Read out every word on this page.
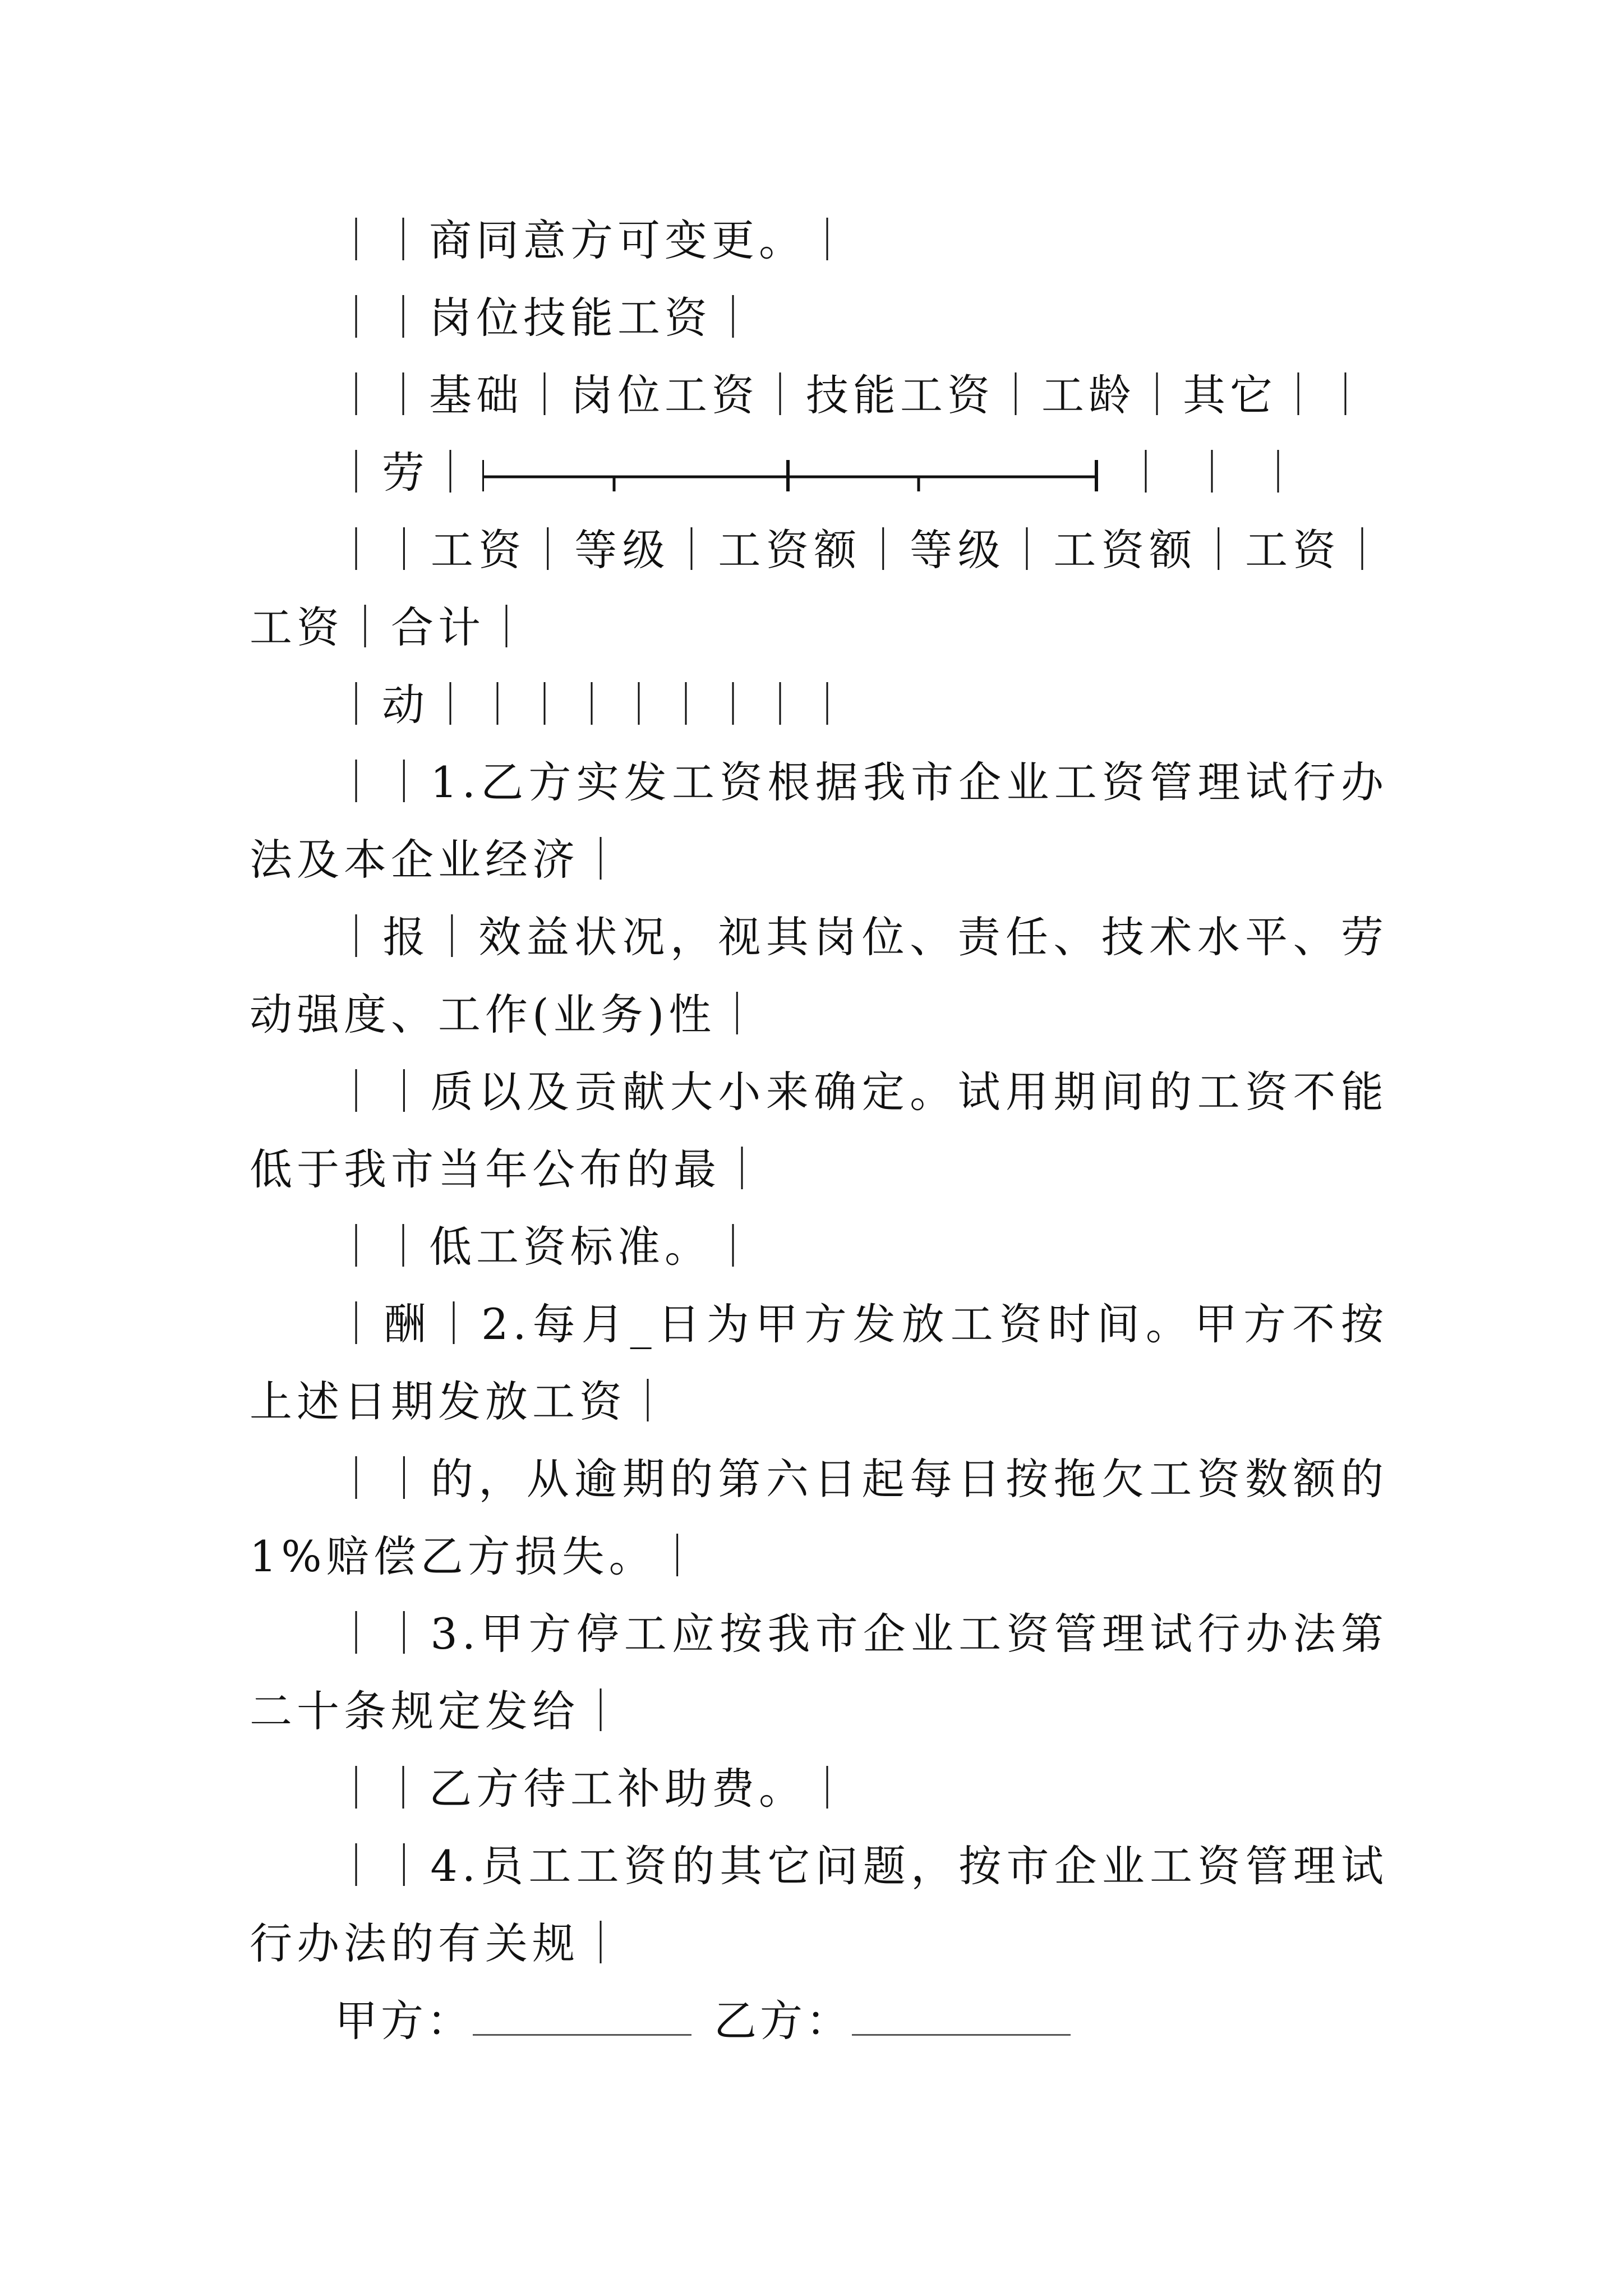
｜｜商同意方可变更。｜

｜｜岗位技能工资｜

｜｜基础｜岗位工资｜技能工资｜工龄｜其它｜｜

｜劳｜	｜｜｜

｜｜工资｜等级｜工资额｜等级｜工资额｜工资｜工资｜合计｜

｜动｜｜｜｜｜｜｜｜｜

｜｜1.乙方实发工资根据我市企业工资管理试行办法及本企业经济｜

｜报｜效益状况，视其岗位、责任、技术水平、劳动强度、工作(业务)性｜

｜｜质以及贡献大小来确定。试用期间的工资不能低于我市当年公布的最｜

｜｜低工资标准。｜

｜酬｜2.每月_日为甲方发放工资时间。甲方不按上述日期发放工资｜

｜｜的，从逾期的第六日起每日按拖欠工资数额的 1%赔偿乙方损失。｜

｜｜3.甲方停工应按我市企业工资管理试行办法第二十条规定发给｜

｜｜乙方待工补助费。｜

｜｜4.员工工资的其它问题，按市企业工资管理试行办法的有关规｜

甲方：	乙方：
